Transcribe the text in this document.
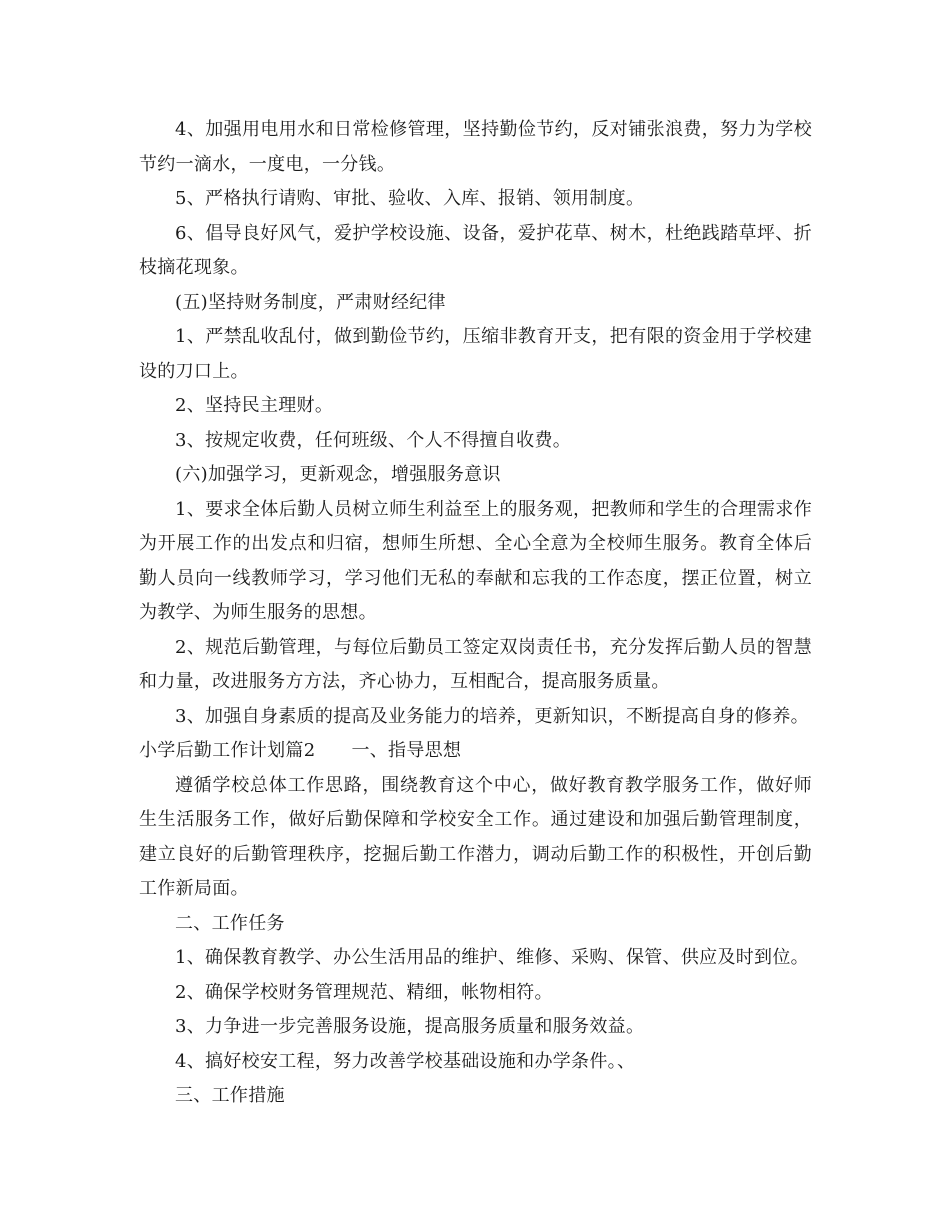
4、加强用电用水和日常检修管理，坚持勤俭节约，反对铺张浪费，努力为学校节约一滴水，一度电，一分钱。

5、严格执行请购、审批、验收、入库、报销、领用制度。

6、倡导良好风气，爱护学校设施、设备，爱护花草、树木，杜绝践踏草坪、折枝摘花现象。

(五)坚持财务制度，严肃财经纪律

1、严禁乱收乱付，做到勤俭节约，压缩非教育开支，把有限的资金用于学校建设的刀口上。

2、坚持民主理财。

3、按规定收费，任何班级、个人不得擅自收费。

(六)加强学习，更新观念，增强服务意识

1、要求全体后勤人员树立师生利益至上的服务观，把教师和学生的合理需求作为开展工作的出发点和归宿，想师生所想、全心全意为全校师生服务。教育全体后勤人员向一线教师学习，学习他们无私的奉献和忘我的工作态度，摆正位置，树立为教学、为师生服务的思想。

2、规范后勤管理，与每位后勤员工签定双岗责任书，充分发挥后勤人员的智慧和力量，改进服务方方法，齐心协力，互相配合，提高服务质量。

3、加强自身素质的提高及业务能力的培养，更新知识，不断提高自身的修养。

小学后勤工作计划篇2 一、指导思想

遵循学校总体工作思路，围绕教育这个中心，做好教育教学服务工作，做好师生生活服务工作，做好后勤保障和学校安全工作。通过建设和加强后勤管理制度，建立良好的后勤管理秩序，挖掘后勤工作潜力，调动后勤工作的积极性，开创后勤工作新局面。

二、工作任务

1、确保教育教学、办公生活用品的维护、维修、采购、保管、供应及时到位。

2、确保学校财务管理规范、精细，帐物相符。

3、力争进一步完善服务设施，提高服务质量和服务效益。

4、搞好校安工程，努力改善学校基础设施和办学条件。、

三、工作措施
